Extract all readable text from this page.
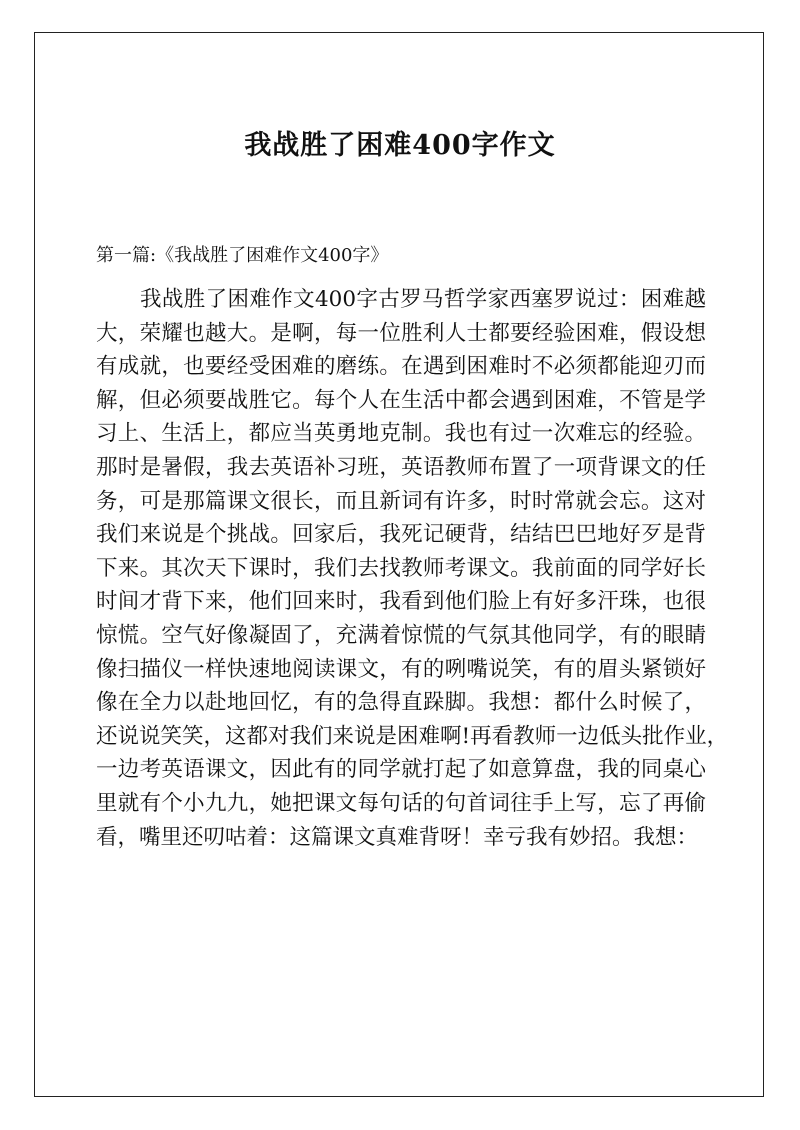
我战胜了困难400字作文
第一篇:《我战胜了困难作文400字》
我战胜了困难作文400字古罗马哲学家西塞罗说过：困难越
大，荣耀也越大。是啊，每一位胜利人士都要经验困难，假设想
有成就，也要经受困难的磨练。在遇到困难时不必须都能迎刃而
解，但必须要战胜它。每个人在生活中都会遇到困难，不管是学
习上、生活上，都应当英勇地克制。我也有过一次难忘的经验。
那时是暑假，我去英语补习班，英语教师布置了一项背课文的任
务，可是那篇课文很长，而且新词有许多，时时常就会忘。这对
我们来说是个挑战。回家后，我死记硬背，结结巴巴地好歹是背
下来。其次天下课时，我们去找教师考课文。我前面的同学好长
时间才背下来，他们回来时，我看到他们脸上有好多汗珠，也很
惊慌。空气好像凝固了，充满着惊慌的气氛其他同学，有的眼睛
像扫描仪一样快速地阅读课文，有的咧嘴说笑，有的眉头紧锁好
像在全力以赴地回忆，有的急得直跺脚。我想：都什么时候了，
还说说笑笑，这都对我们来说是困难啊!再看教师一边低头批作业，
一边考英语课文，因此有的同学就打起了如意算盘，我的同桌心
里就有个小九九，她把课文每句话的句首词往手上写，忘了再偷
看，嘴里还叨咕着：这篇课文真难背呀！幸亏我有妙招。我想：
